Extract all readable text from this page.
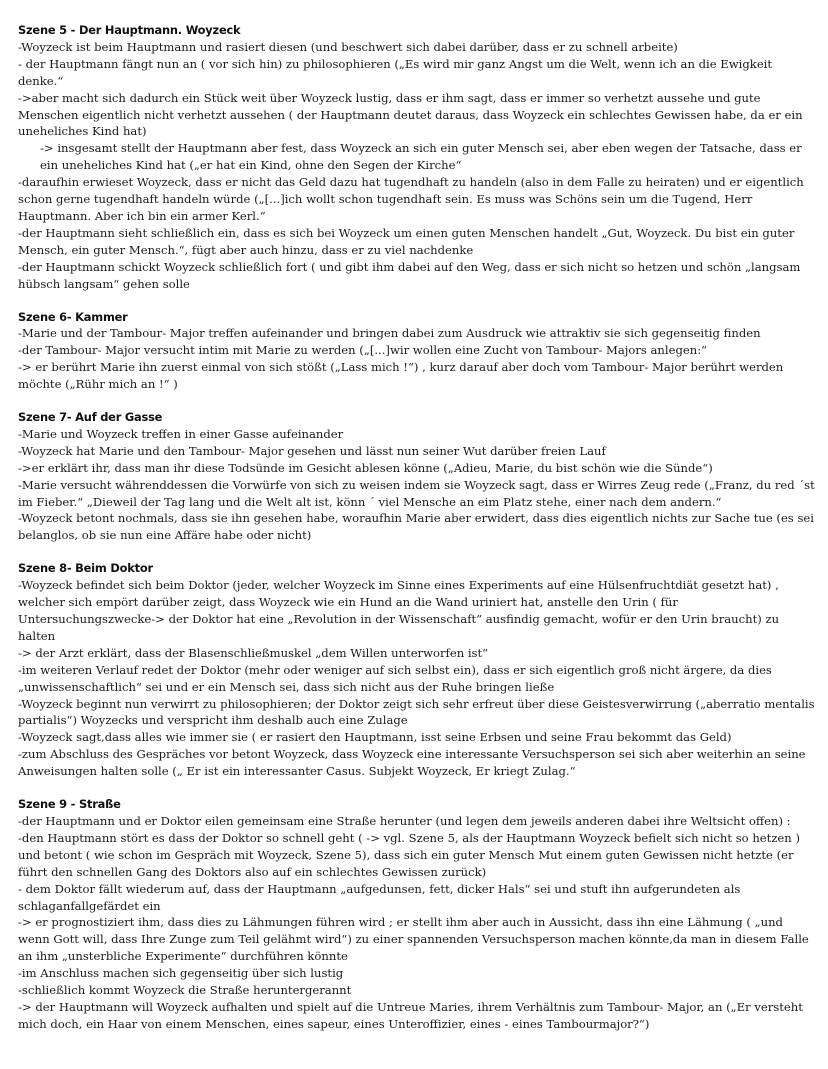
Szene 5 - Der Hauptmann. Woyzeck

-Woyzeck ist beim Hauptmann und rasiert diesen (und beschwert sich dabei darüber, dass er zu schnell arbeite)

- der Hauptmann fängt nun an ( vor sich hin) zu philosophieren („Es wird mir ganz Angst um die Welt, wenn ich an die Ewigkeit denke.“

->aber macht sich dadurch ein Stück weit über Woyzeck lustig, dass er ihm sagt, dass er immer so verhetzt aussehe und gute Menschen eigentlich nicht verhetzt aussehen ( der Hauptmann deutet daraus, dass Woyzeck ein schlechtes Gewissen habe, da er ein uneheliches Kind hat)

-> insgesamt stellt der Hauptmann aber fest, dass Woyzeck an sich ein guter Mensch sei, aber eben wegen der Tatsache, dass er ein uneheliches Kind hat („er hat ein Kind, ohne den Segen der Kirche“

-daraufhin erwieset Woyzeck, dass er nicht das Geld dazu hat tugendhaft zu handeln (also in dem Falle zu heiraten) und er eigentlich schon gerne tugendhaft handeln würde („[...]ich wollt schon tugendhaft sein. Es muss was Schöns sein um die Tugend, Herr Hauptmann. Aber ich bin ein armer Kerl.“

-der Hauptmann sieht schließlich ein, dass es sich bei Woyzeck um einen guten Menschen handelt „Gut, Woyzeck. Du bist ein guter Mensch, ein guter Mensch.“, fügt aber auch hinzu, dass er zu viel nachdenke

-der Hauptmann schickt Woyzeck schließlich fort ( und gibt ihm dabei auf den Weg, dass er sich nicht so hetzen und schön „langsam hübsch langsam“ gehen solle

Szene 6- Kammer

-Marie und der Tambour- Major treffen aufeinander und bringen dabei zum Ausdruck wie attraktiv sie sich gegenseitig finden

-der Tambour- Major versucht intim mit Marie zu werden („[...]wir wollen eine Zucht von Tambour- Majors anlegen:“

-> er berührt Marie ihn zuerst einmal von sich stößt („Lass mich !“) , kurz darauf aber doch vom Tambour- Major berührt werden möchte („Rühr mich an !“ )

Szene 7- Auf der Gasse

-Marie und Woyzeck treffen in einer Gasse aufeinander

-Woyzeck hat Marie und den Tambour- Major gesehen und lässt nun seiner Wut darüber freien Lauf

->er erklärt ihr, dass man ihr diese Todsünde im Gesicht ablesen könne („Adieu, Marie, du bist schön wie die Sünde“)

-Marie versucht währenddessen die Vorwürfe von sich zu weisen indem sie Woyzeck sagt, dass er Wirres Zeug rede („Franz, du red ´st im Fieber.“ „Dieweil der Tag lang und die Welt alt ist, könn ´ viel Mensche an eim Platz stehe, einer nach dem andern.“

-Woyzeck betont nochmals, dass sie ihn gesehen habe, woraufhin Marie aber erwidert, dass dies eigentlich nichts zur Sache tue (es sei belanglos, ob sie nun eine Affäre habe oder nicht)

Szene 8- Beim Doktor

-Woyzeck befindet sich beim Doktor (jeder, welcher Woyzeck im Sinne eines Experiments auf eine Hülsenfruchtdiät gesetzt hat) , welcher sich empört darüber zeigt, dass Woyzeck wie ein Hund an die Wand uriniert hat, anstelle den Urin ( für Untersuchungszwecke-> der Doktor hat eine „Revolution in der Wissenschaft“ ausfindig gemacht, wofür er den Urin braucht) zu halten

-> der Arzt erklärt, dass der Blasenschließmuskel „dem Willen unterworfen ist“

-im weiteren Verlauf redet der Doktor (mehr oder weniger auf sich selbst ein), dass er sich eigentlich groß nicht ärgere, da dies „unwissenschaftlich“ sei und er ein Mensch sei, dass sich nicht aus der Ruhe bringen ließe

-Woyzeck beginnt nun verwirrt zu philosophieren; der Doktor zeigt sich sehr erfreut über diese Geistesverwirrung („aberratio mentalis partialis“) Woyzecks und verspricht ihm deshalb auch eine Zulage

-Woyzeck sagt,dass alles wie immer sie ( er rasiert den Hauptmann, isst seine Erbsen und seine Frau bekommt das Geld)

-zum Abschluss des Gespräches vor betont Woyzeck, dass Woyzeck eine interessante Versuchsperson sei sich aber weiterhin an seine Anweisungen halten solle („ Er ist ein interessanter Casus. Subjekt Woyzeck, Er kriegt Zulag.“

Szene 9 - Straße

-der Hauptmann und er Doktor eilen gemeinsam eine Straße herunter (und legen dem jeweils anderen dabei ihre Weltsicht offen) :

-den Hauptmann stört es dass der Doktor so schnell geht ( -> vgl. Szene 5, als der Hauptmann Woyzeck befielt sich nicht so hetzen ) und betont ( wie schon im Gespräch mit Woyzeck, Szene 5), dass sich ein guter Mensch Mut einem guten Gewissen nicht hetzte (er führt den schnellen Gang des Doktors also auf ein schlechtes Gewissen zurück)

- dem Doktor fällt wiederum auf, dass der Hauptmann „aufgedunsen, fett, dicker Hals“ sei und stuft ihn aufgerundeten als schlaganfallgefärdet ein

-> er prognostiziert ihm, dass dies zu Lähmungen führen wird ; er stellt ihm aber auch in Aussicht, dass ihn eine Lähmung ( „und wenn Gott will, dass Ihre Zunge zum Teil gelähmt wird“) zu einer spannenden Versuchsperson machen könnte,da man in diesem Falle an ihm „unsterbliche Experimente“ durchführen könnte

-im Anschluss machen sich gegenseitig über sich lustig

-schließlich kommt Woyzeck die Straße heruntergerannt

-> der Hauptmann will Woyzeck aufhalten und spielt auf die Untreue Maries, ihrem Verhältnis zum Tambour- Major, an („Er versteht mich doch, ein Haar von einem Menschen, eines sapeur, eines Unteroffizier, eines - eines Tambourmajor?“)
